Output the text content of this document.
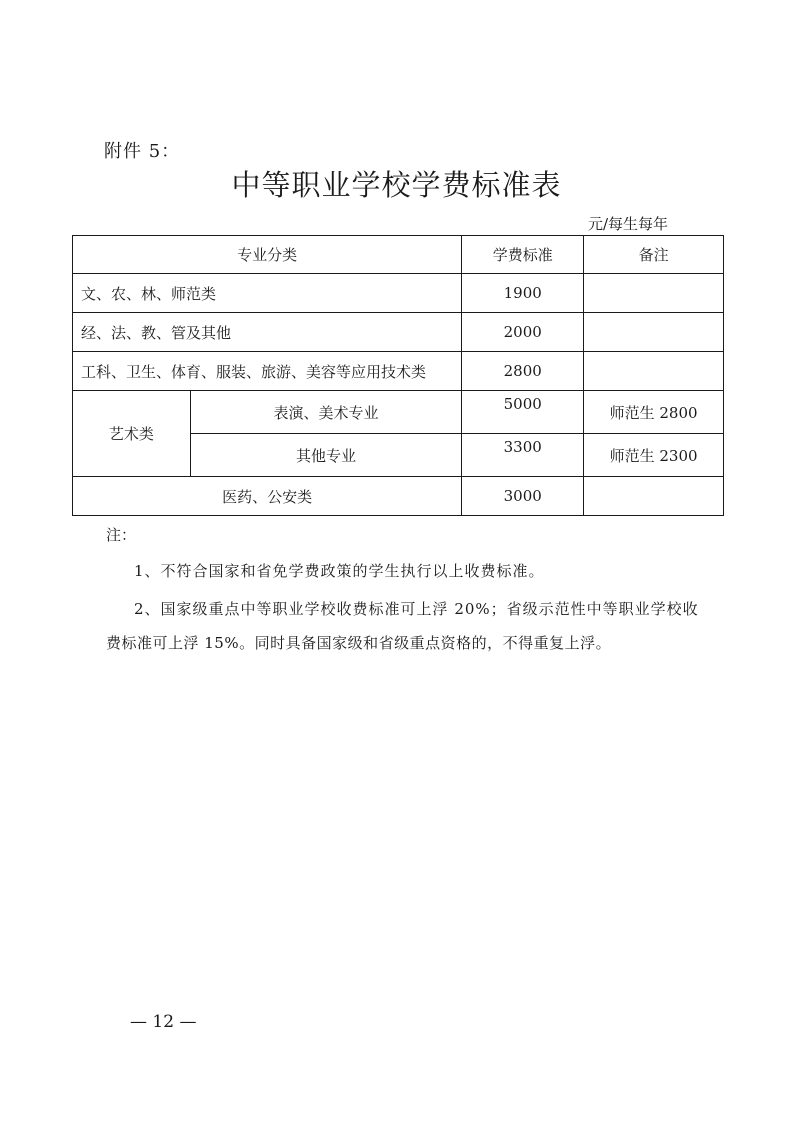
附件 5：
中等职业学校学费标准表
元/每生每年
专业分类		学费标准	备注
文、农、林、师范类		1900	
经、法、教、管及其他		2000	
工科、卫生、体育、服装、旅游、美容等应用技术类		2800	
艺术类	表演、美术专业	5000	师范生 2800
	其他专业	3300	师范生 2300
医药、公安类		3000	
注：
1、不符合国家和省免学费政策的学生执行以上收费标准。
2、国家级重点中等职业学校收费标准可上浮 20%；省级示范性中等职业学校收
费标准可上浮 15%。同时具备国家级和省级重点资格的，不得重复上浮。
— 12 —
